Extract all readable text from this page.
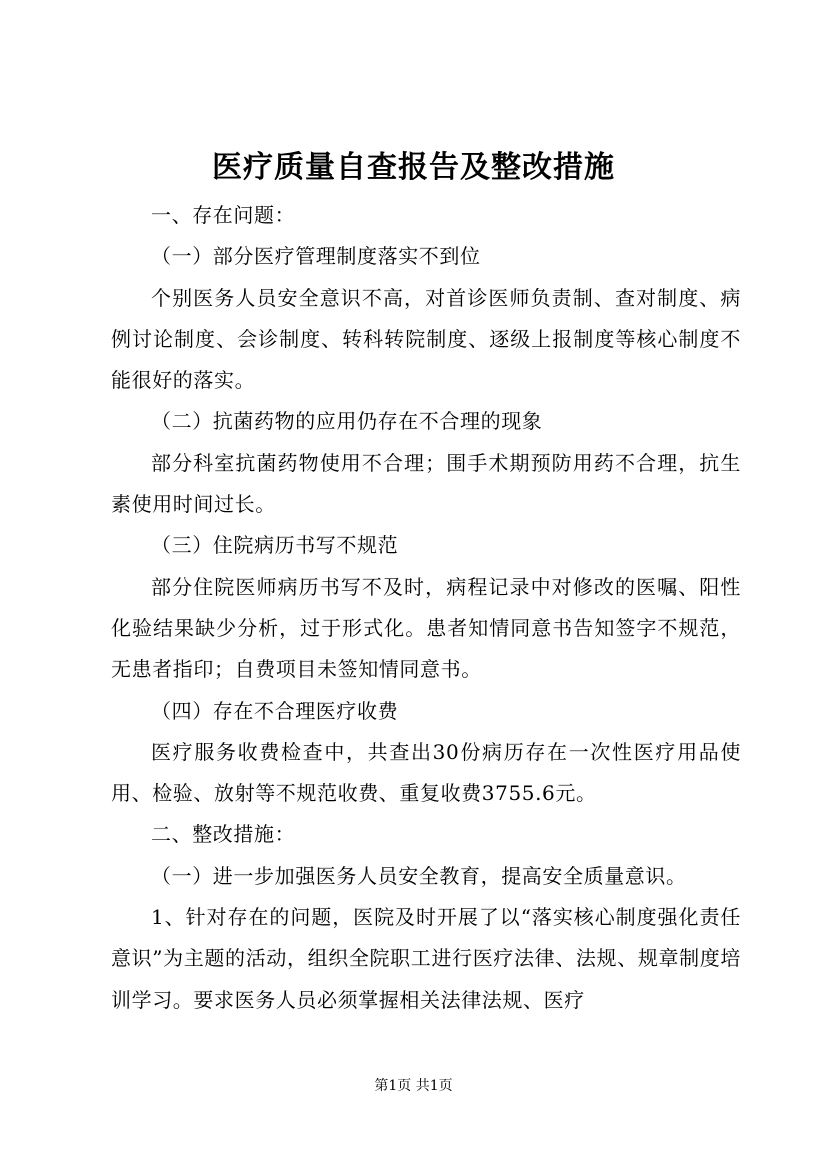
医疗质量自查报告及整改措施

一、存在问题：

（一）部分医疗管理制度落实不到位

个别医务人员安全意识不高，对首诊医师负责制、查对制度、病例讨论制度、会诊制度、转科转院制度、逐级上报制度等核心制度不能很好的落实。

（二）抗菌药物的应用仍存在不合理的现象

部分科室抗菌药物使用不合理；围手术期预防用药不合理，抗生素使用时间过长。

（三）住院病历书写不规范

部分住院医师病历书写不及时，病程记录中对修改的医嘱、阳性化验结果缺少分析，过于形式化。患者知情同意书告知签字不规范，无患者指印；自费项目未签知情同意书。

（四）存在不合理医疗收费

医疗服务收费检查中，共查出30份病历存在一次性医疗用品使用、检验、放射等不规范收费、重复收费3755.6元。

二、整改措施：

（一）进一步加强医务人员安全教育，提高安全质量意识。

1、针对存在的问题，医院及时开展了以“落实核心制度强化责任意识”为主题的活动，组织全院职工进行医疗法律、法规、规章制度培训学习。要求医务人员必须掌握相关法律法规、医疗

第1页 共1页
